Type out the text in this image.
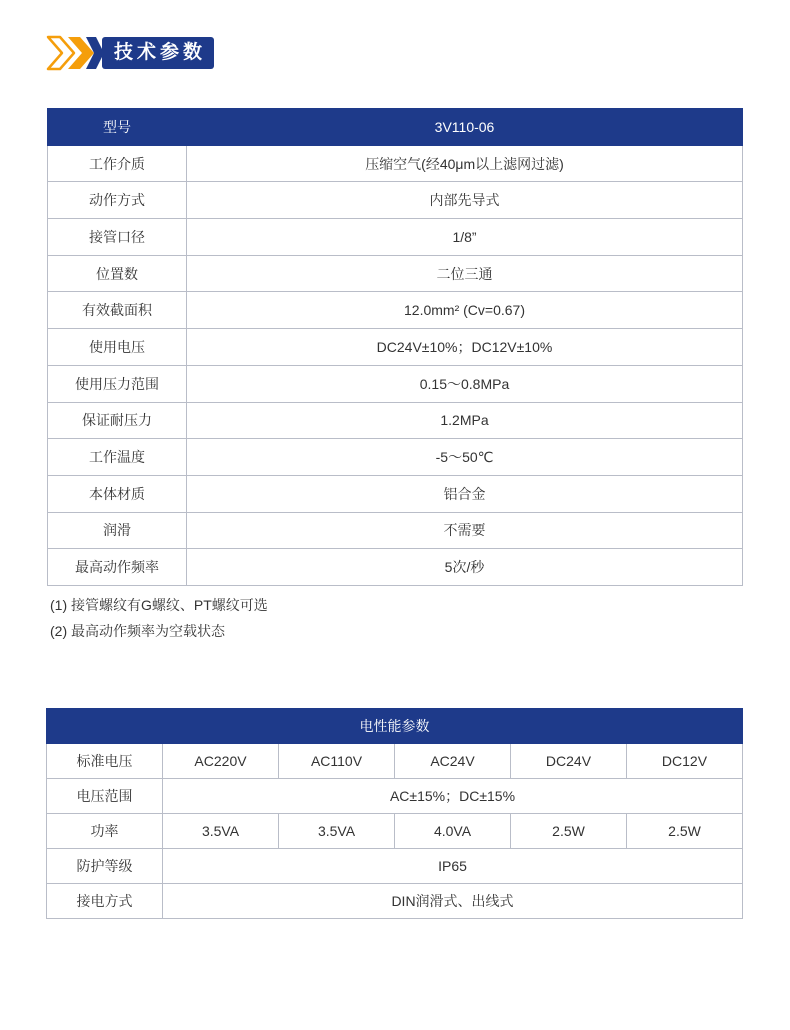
技术参数
型号	3V110-06
工作介质	压缩空气(经40μm以上滤网过滤)
动作方式	内部先导式
接管口径	1/8”
位置数	二位三通
有效截面积	12.0mm² (Cv=0.67)
使用电压	DC24V±10%；DC12V±10%
使用压力范围	0.15～0.8MPa
保证耐压力	1.2MPa
工作温度	-5～50℃
本体材质	铝合金
润滑	不需要
最高动作频率	5次/秒
(1) 接管螺纹有G螺纹、PT螺纹可选
(2) 最高动作频率为空载状态
电性能参数					
标准电压	AC220V	AC110V	AC24V	DC24V	DC12V
电压范围	AC±15%；DC±15%				
功率	3.5VA	3.5VA	4.0VA	2.5W	2.5W
防护等级	IP65				
接电方式	DIN润滑式、出线式				
